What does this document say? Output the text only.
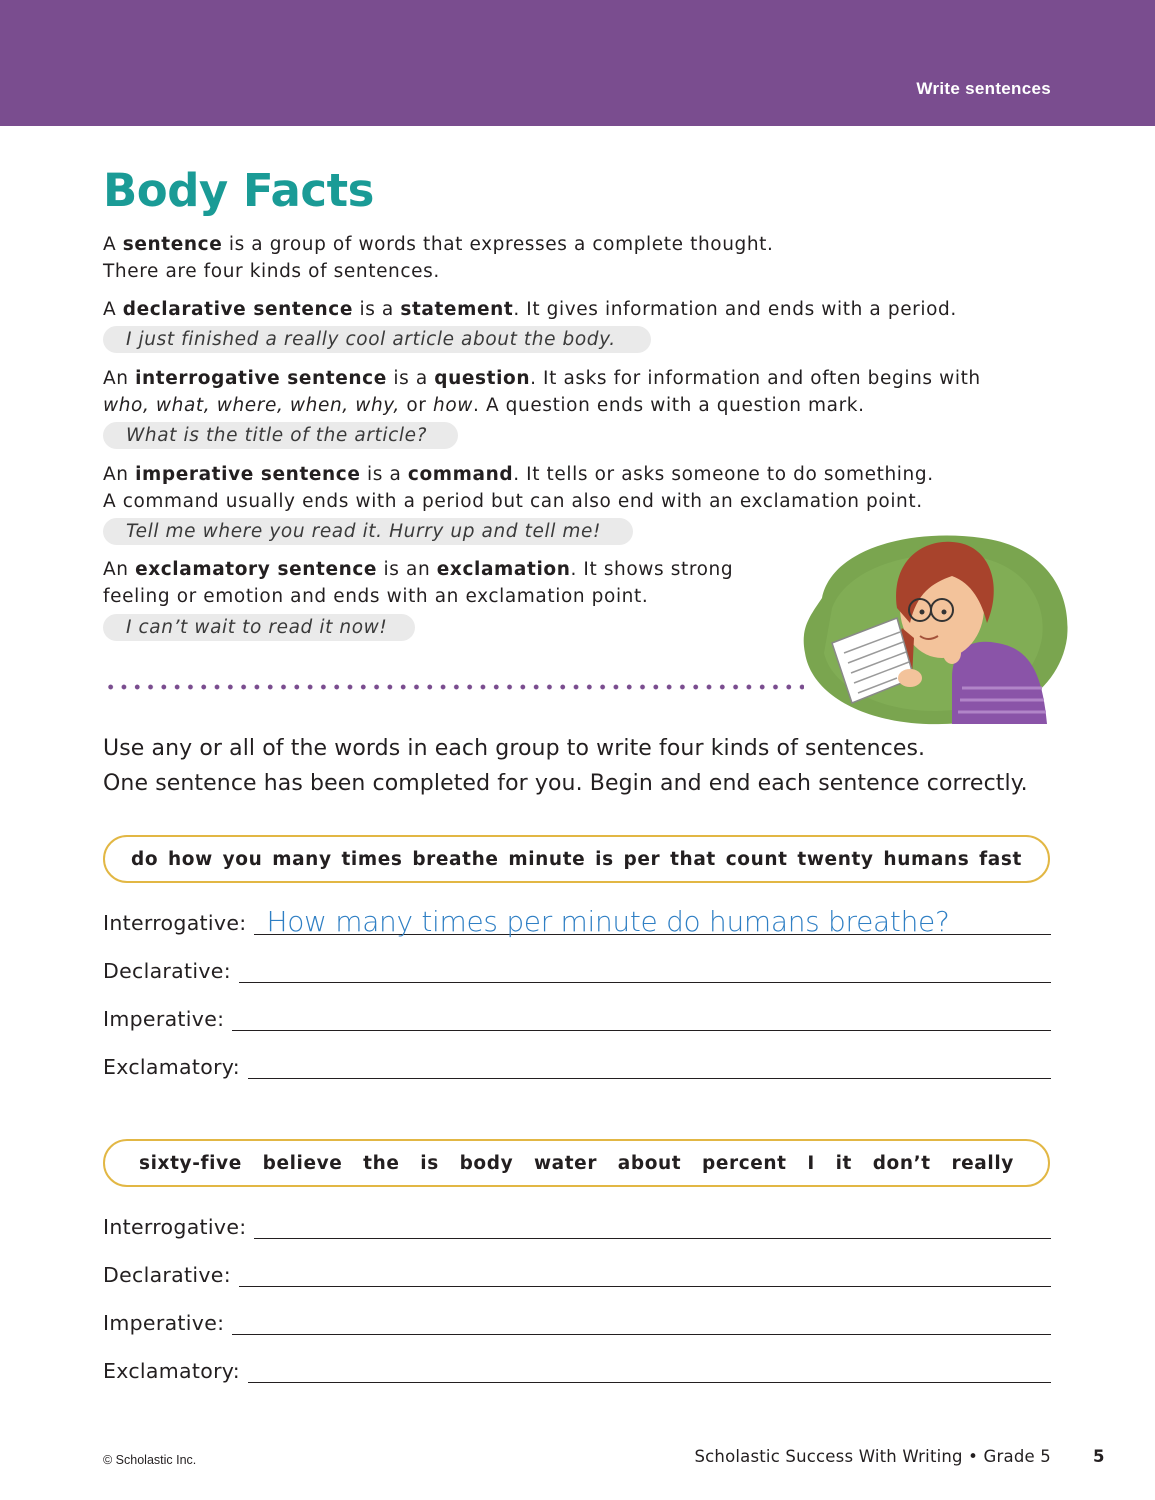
Write sentences
Body Facts

A sentence is a group of words that expresses a complete thought.
There are four kinds of sentences.

A declarative sentence is a statement. It gives information and ends with a period.

I just finished a really cool article about the body.

An interrogative sentence is a question. It asks for information and often begins with
who, what, where, when, why, or how. A question ends with a question mark.

What is the title of the article?

An imperative sentence is a command. It tells or asks someone to do something.
A command usually ends with a period but can also end with an exclamation point.

Tell me where you read it. Hurry up and tell me!

An exclamatory sentence is an exclamation. It shows strong
feeling or emotion and ends with an exclamation point.

I can’t wait to read it now!
Use any or all of the words in each group to write four kinds of sentences.
One sentence has been completed for you. Begin and end each sentence correctly.
do how you many times breathe minute is per that count twenty humans fast
Interrogative: How many times per minute do humans breathe?
Declarative:
Imperative:
Exclamatory:
sixty-five believe the is body water about percent I it don’t really
Interrogative:
Declarative:
Imperative:
Exclamatory:
© Scholastic Inc.	Scholastic Success With Writing • Grade 5	5
